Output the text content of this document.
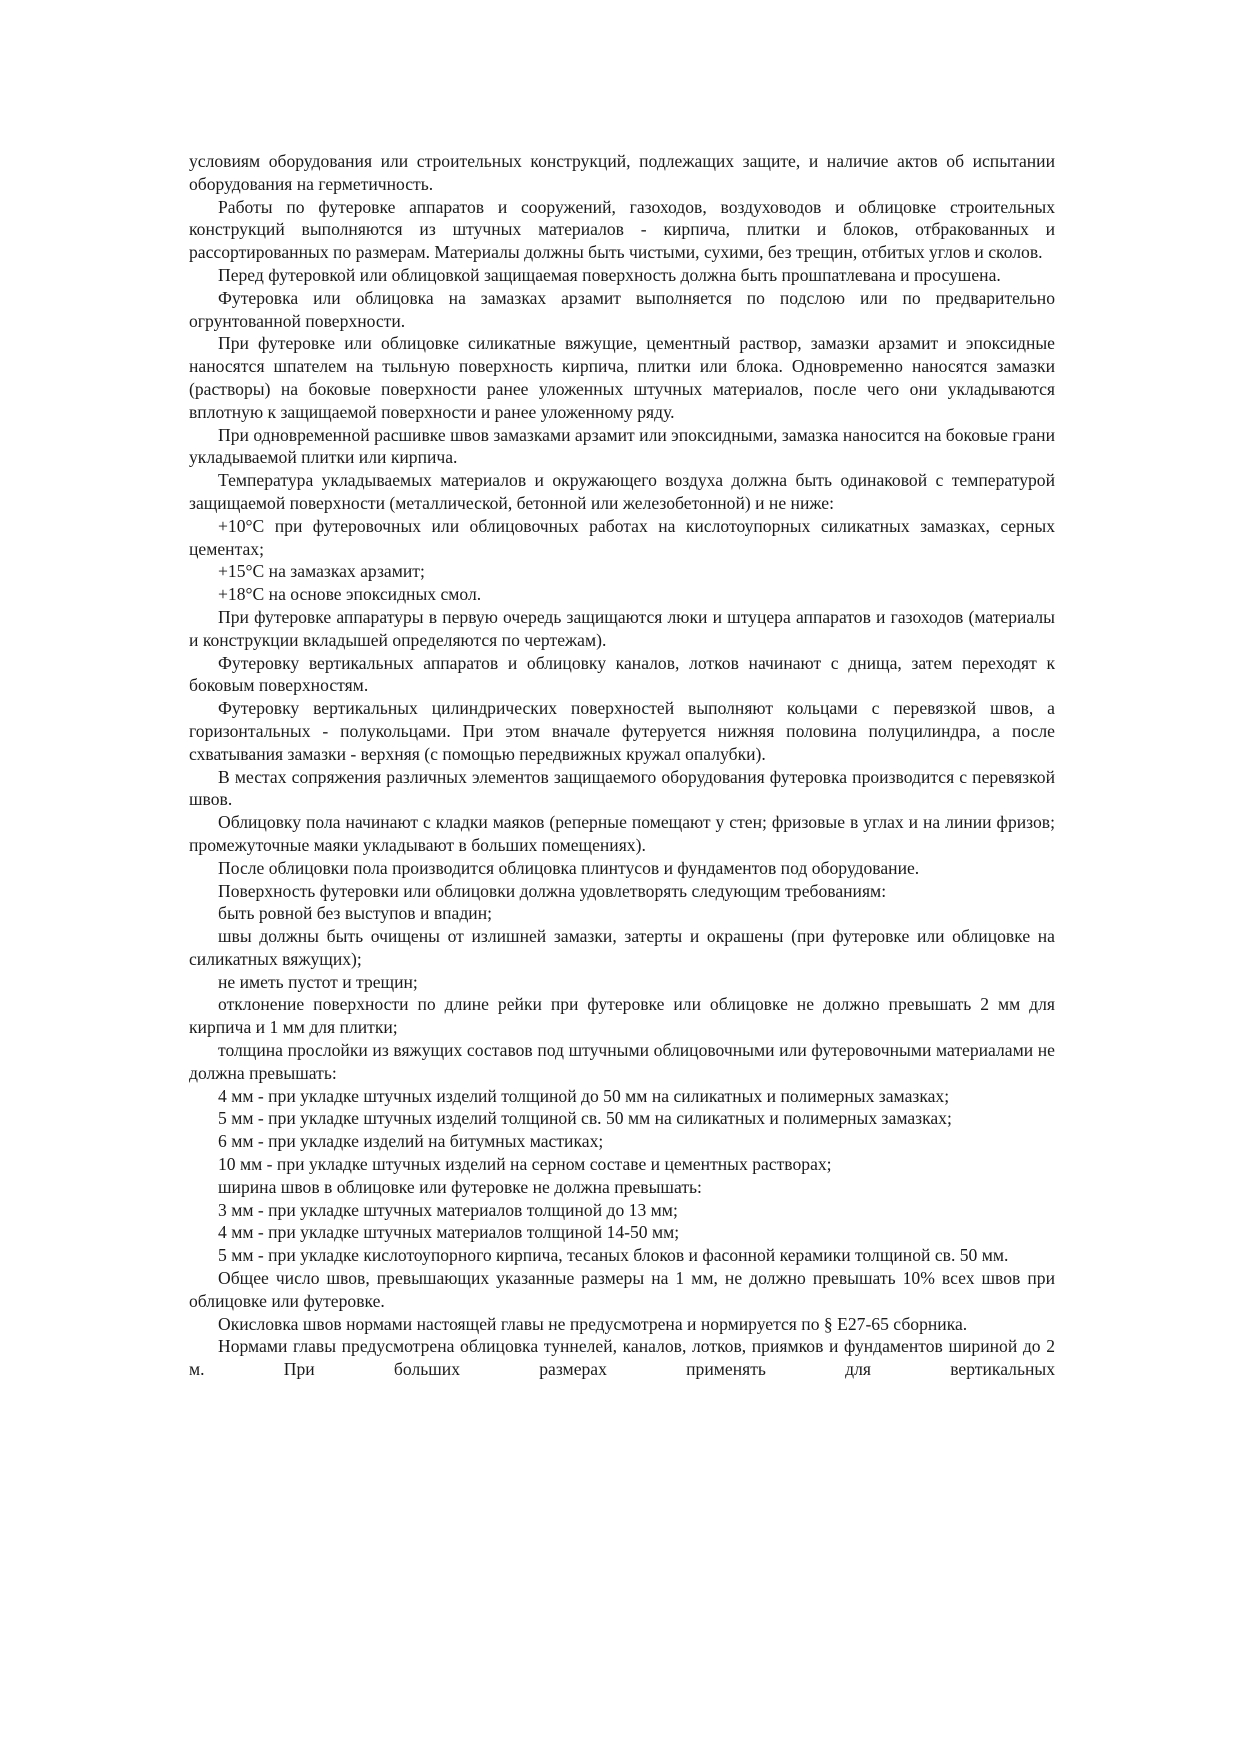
условиям оборудования или строительных конструкций, подлежащих защите, и наличие актов об испытании оборудования на герметичность.

Работы по футеровке аппаратов и сооружений, газоходов, воздуховодов и облицовке строительных конструкций выполняются из штучных материалов - кирпича, плитки и блоков, отбракованных и рассортированных по размерам. Материалы должны быть чистыми, сухими, без трещин, отбитых углов и сколов.

Перед футеровкой или облицовкой защищаемая поверхность должна быть прошпатлевана и просушена.

Футеровка или облицовка на замазках арзамит выполняется по подслою или по предварительно огрунтованной поверхности.

При футеровке или облицовке силикатные вяжущие, цементный раствор, замазки арзамит и эпоксидные наносятся шпателем на тыльную поверхность кирпича, плитки или блока. Одновременно наносятся замазки (растворы) на боковые поверхности ранее уложенных штучных материалов, после чего они укладываются вплотную к защищаемой поверхности и ранее уложенному ряду.

При одновременной расшивке швов замазками арзамит или эпоксидными, замазка наносится на боковые грани укладываемой плитки или кирпича.

Температура укладываемых материалов и окружающего воздуха должна быть одинаковой с температурой защищаемой поверхности (металлической, бетонной или железобетонной) и не ниже:

+10°С при футеровочных или облицовочных работах на кислотоупорных силикатных замазках, серных цементах;

+15°С на замазках арзамит;

+18°С на основе эпоксидных смол.

При футеровке аппаратуры в первую очередь защищаются люки и штуцера аппаратов и газоходов (материалы и конструкции вкладышей определяются по чертежам).

Футеровку вертикальных аппаратов и облицовку каналов, лотков начинают с днища, затем переходят к боковым поверхностям.

Футеровку вертикальных цилиндрических поверхностей выполняют кольцами с перевязкой швов, а горизонтальных - полукольцами. При этом вначале футеруется нижняя половина полуцилиндра, а после схватывания замазки - верхняя (с помощью передвижных кружал опалубки).

В местах сопряжения различных элементов защищаемого оборудования футеровка производится с перевязкой швов.

Облицовку пола начинают с кладки маяков (реперные помещают у стен; фризовые в углах и на линии фризов; промежуточные маяки укладывают в больших помещениях).

После облицовки пола производится облицовка плинтусов и фундаментов под оборудование.

Поверхность футеровки или облицовки должна удовлетворять следующим требованиям:

быть ровной без выступов и впадин;

швы должны быть очищены от излишней замазки, затерты и окрашены (при футеровке или облицовке на силикатных вяжущих);

не иметь пустот и трещин;

отклонение поверхности по длине рейки при футеровке или облицовке не должно превышать 2 мм для кирпича и 1 мм для плитки;

толщина прослойки из вяжущих составов под штучными облицовочными или футеровочными материалами не должна превышать:

4 мм - при укладке штучных изделий толщиной до 50 мм на силикатных и полимерных замазках;

5 мм - при укладке штучных изделий толщиной св. 50 мм на силикатных и полимерных замазках;

6 мм - при укладке изделий на битумных мастиках;

10 мм - при укладке штучных изделий на серном составе и цементных растворах;

ширина швов в облицовке или футеровке не должна превышать:

3 мм - при укладке штучных материалов толщиной до 13 мм;

4 мм - при укладке штучных материалов толщиной 14-50 мм;

5 мм - при укладке кислотоупорного кирпича, тесаных блоков и фасонной керамики толщиной св. 50 мм.

Общее число швов, превышающих указанные размеры на 1 мм, не должно превышать 10% всех швов при облицовке или футеровке.

Окисловка швов нормами настоящей главы не предусмотрена и нормируется по § Е27-65 сборника.

Нормами главы предусмотрена облицовка туннелей, каналов, лотков, приямков и фундаментов шириной до 2 м. При больших размерах применять для вертикальных
